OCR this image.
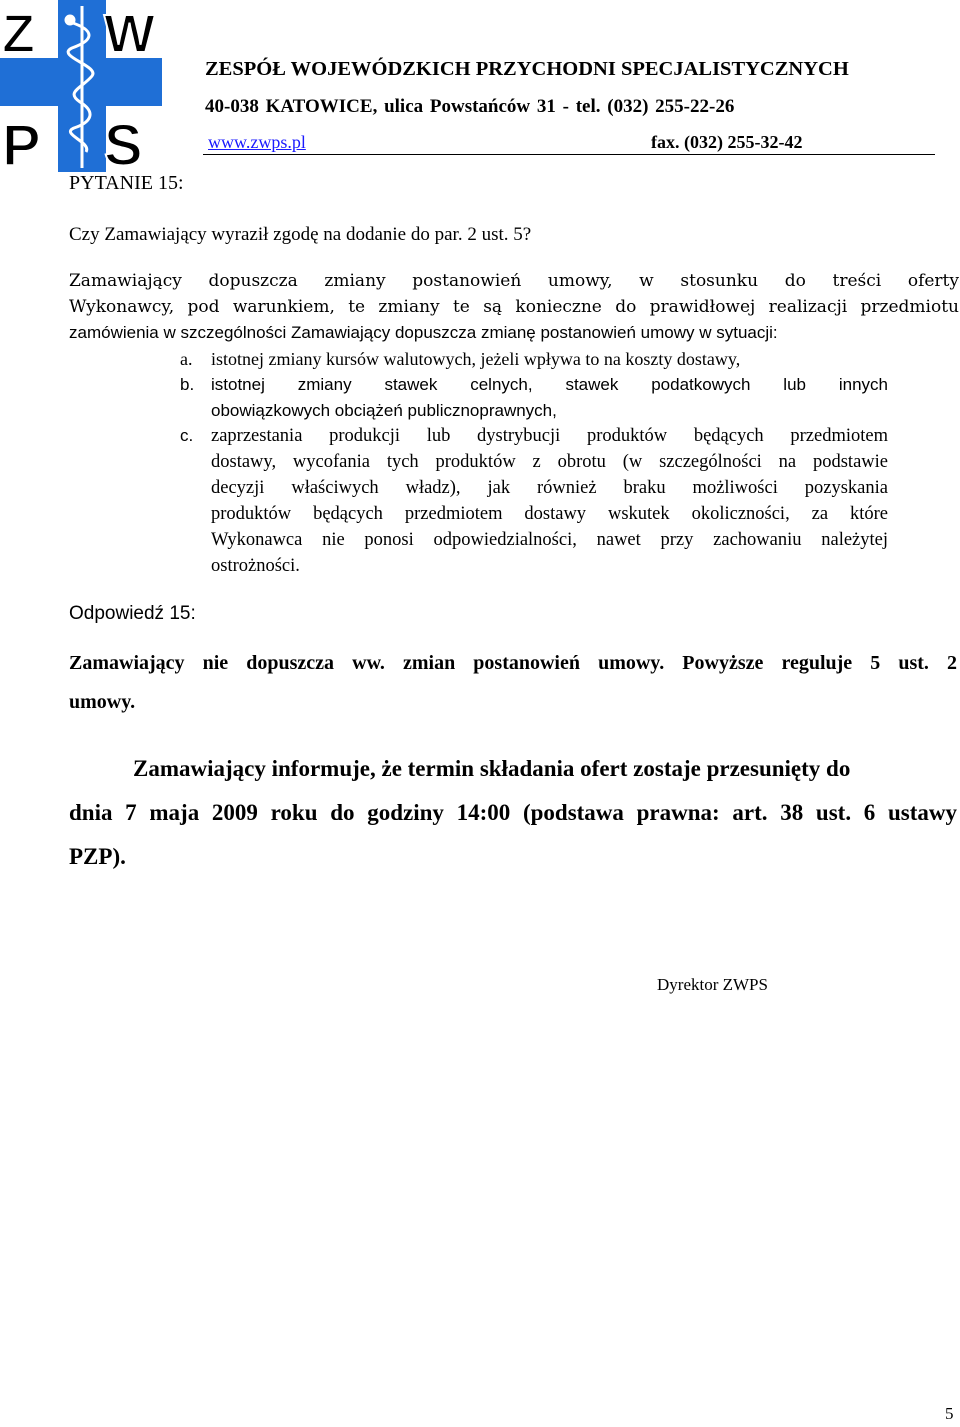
Z W
P S
ZESPÓŁ WOJEWÓDZKICH PRZYCHODNI SPECJALISTYCZNYCH
40-038 KATOWICE, ulica Powstańców 31 - tel. (032) 255-22-26
www.zwps.pl	fax. (032) 255-32-42
PYTANIE 15:
Czy Zamawiający wyraził zgodę na dodanie do par. 2 ust. 5?
Zamawiający dopuszcza zmiany postanowień umowy, w stosunku do treści oferty
Wykonawcy, pod warunkiem, te zmiany te są konieczne do prawidłowej realizacji przedmiotu
zamówienia w szczególności Zamawiający dopuszcza zmianę postanowień umowy w sytuacji:
a. istotnej zmiany kursów walutowych, jeżeli wpływa to na koszty dostawy,
b. istotnej zmiany stawek celnych, stawek podatkowych lub innych
obowiązkowych obciążeń publicznoprawnych,
c. zaprzestania produkcji lub dystrybucji produktów będących przedmiotem
dostawy, wycofania tych produktów z obrotu (w szczególności na podstawie
decyzji właściwych władz), jak również braku możliwości pozyskania
produktów będących przedmiotem dostawy wskutek okoliczności, za które
Wykonawca nie ponosi odpowiedzialności, nawet przy zachowaniu należytej
ostrożności.
Odpowiedź 15:
Zamawiający nie dopuszcza ww. zmian postanowień umowy. Powyższe reguluje 5 ust. 2
umowy.
Zamawiający informuje, że termin składania ofert zostaje przesunięty do
dnia 7 maja 2009 roku do godziny 14:00 (podstawa prawna: art. 38 ust. 6 ustawy
PZP).
Dyrektor ZWPS
5
